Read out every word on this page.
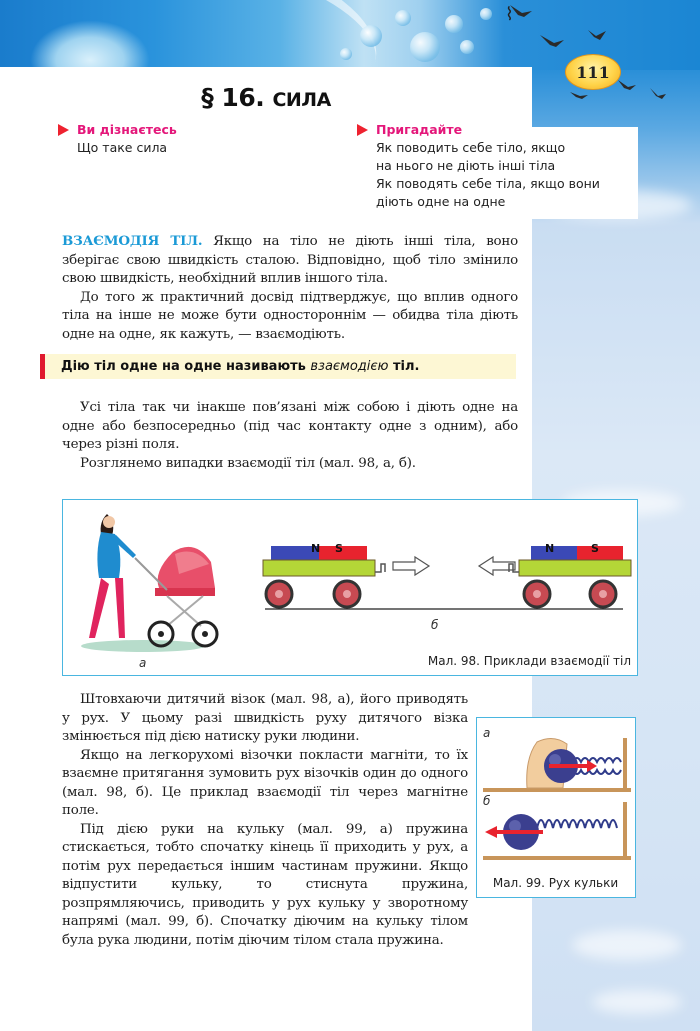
⌇
111
§ 16. СИЛА
Ви дізнаєтесь
Що таке сила
Пригадайте
Як поводить себе тіло, якщо
на нього не діють інші тіла
Як поводять себе тіла, якщо вони
діють одне на одне

ВЗАЄМОДІЯ ТІЛ. Якщо на тіло не діють інші тіла, воно зберігає свою швидкість сталою. Відповідно, щоб тіло змінило свою швидкість, необхідний вплив іншого тіла.

До того ж практичний досвід підтверджує, що вплив одного тіла на інше не може бути одностороннім — обидва тіла діють одне на одне, як кажуть, — взаємодіють.

Дію тіл одне на одне називають взаємодією тіл.

Усі тіла так чи інакше пов’язані між собою і діють одне на одне або безпосередньо (під час контакту одне з одним), або через різні поля.

Розглянемо випадки взаємодії тіл (мал. 98, а, б).

N S	N	S
а
б
Мал. 98. Приклади взаємодії тіл

Штовхаючи дитячий візок (мал. 98, а), його приводять у рух. У цьому разі швидкість руху дитячого візка змінюється під дією натиску руки людини.

Якщо на легкорухомі візочки покласти магніти, то їх взаємне притягання зумовить рух візочків один до одного (мал. 98, б). Це приклад взаємодії тіл через магнітне поле.

Під дією руки на кульку (мал. 99, а) пружина стискається, тобто спочатку кінець її приходить у рух, а потім рух передається іншим частинам пружини. Якщо відпустити кульку, то стиснута пружина, розпрямляючись, приводить у рух кульку у зворотному напрямі (мал. 99, б). Спочатку діючим на кульку тілом була рука людини, потім діючим тілом стала пружина.

а
б
Мал. 99. Рух кульки
